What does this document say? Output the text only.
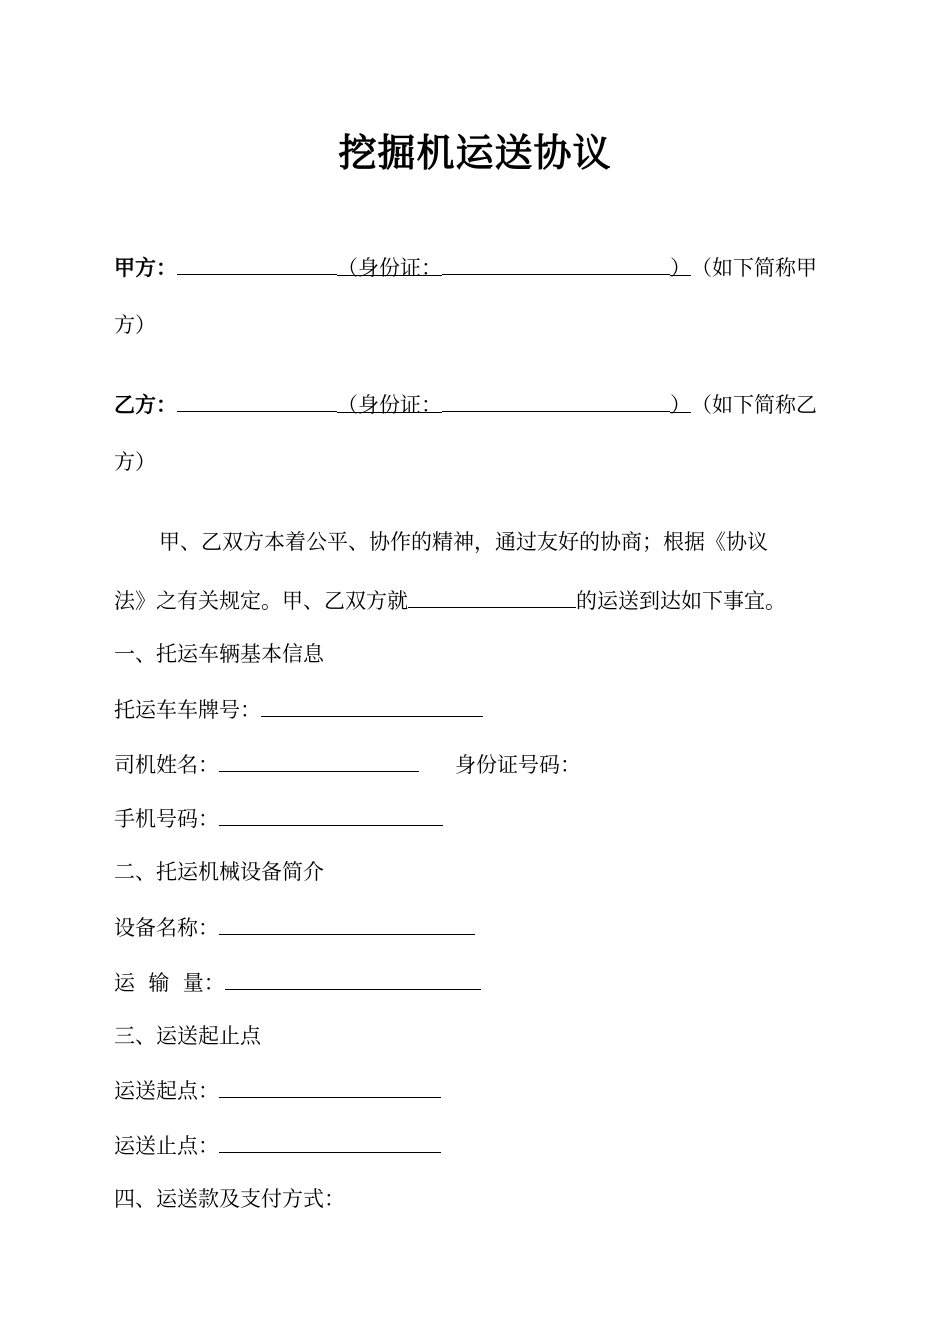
挖掘机运送协议
甲方：	（身份证：	）（如下简称甲
方）
乙方：	（身份证：	）（如下简称乙
方）
甲、乙双方本着公平、协作的精神，通过友好的协商；根据《协议
法》之有关规定。甲、乙双方就	的运送到达如下事宜。
一、托运车辆基本信息
托运车车牌号：
司机姓名：	身份证号码：
手机号码：
二、托运机械设备简介
设备名称：
运  输  量：
三、运送起止点
运送起点：
运送止点：
四、运送款及支付方式：
